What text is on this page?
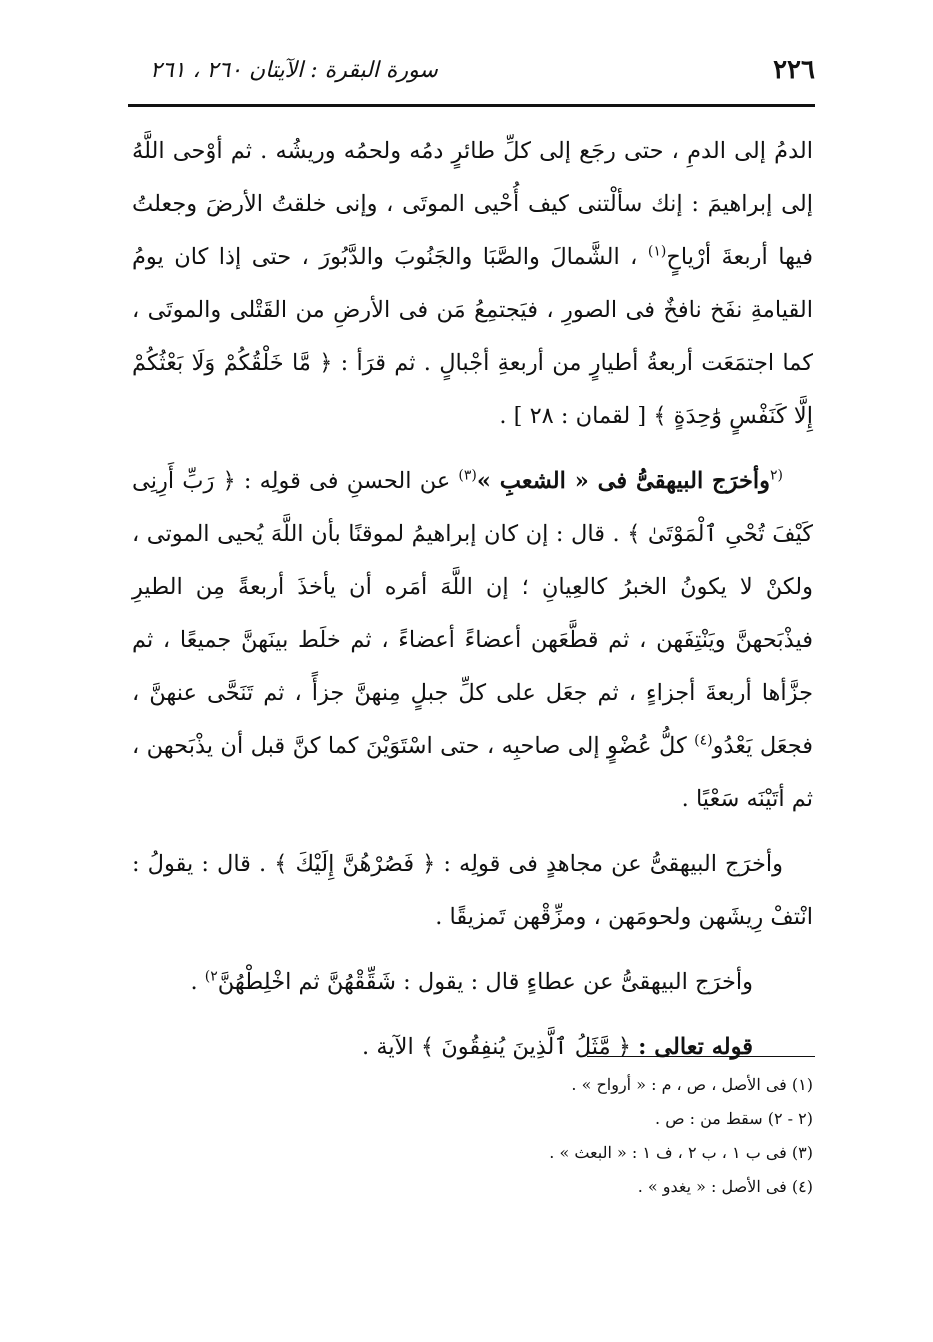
٢٢٦
سورة البقرة : الآيتان ٢٦٠ ، ٢٦١

الدمُ إلى الدمِ ، حتى رجَع إلى كلِّ طائرٍ دمُه ولحمُه وريشُه . ثم أوْحى اللَّهُ إلى إبراهيمَ : إنك سألْتنى كيف أُحْيى الموتَى ، وإنى خلقتُ الأرضَ وجعلتُ فيها أربعةَ أرْياحٍ$^{(١)}$ ، الشَّمالَ والصَّبَا والجَنُوبَ والدَّبُورَ ، حتى إذا كان يومُ القيامةِ نفَخ نافخٌ فى الصورِ ، فيَجتمِعُ مَن فى الأرضِ من القَتْلى والموتَى ، كما اجتمَعَت أربعةُ أطيارٍ من أربعةِ أجْبالٍ . ثم قرَأ : ﴿ مَّا خَلْقُكُمْ وَلَا بَعْثُكُمْ إِلَّا كَنَفْسٍ وَٰحِدَةٍ ﴾ [ لقمان : ٢٨ ] .

$^{(٢}$وأخرَج البيهقىُّ فى « الشعبِ »$^{(٣)}$ عن الحسنِ فى قولِه : ﴿ رَبِّ أَرِنِى كَيْفَ تُحْىِ ٱلْمَوْتَىٰ ﴾ . قال : إن كان إبراهيمُ لموقنًا بأن اللَّهَ يُحيى الموتى ، ولكنْ لا يكونُ الخبرُ كالعِيانِ ؛ إن اللَّهَ أمَره أن يأخذَ أربعةً مِن الطيرِ فيذْبَحهنَّ ويَنْتِفَهن ، ثم قطَّعَهن أعضاءً أعضاءً ، ثم خلَط بينَهنَّ جميعًا ، ثم جزَّأها أربعةَ أجزاءٍ ، ثم جعَل على كلِّ جبلٍ مِنهنَّ جزأً ، ثم تَنَحَّى عنهنَّ ، فجعَل يَعْدُو$^{(٤)}$ كلُّ عُضْوٍ إلى صاحبِه ، حتى اسْتَوَيْنَ كما كنَّ قبل أن يذْبَحهن ، ثم أتَيْنَه سَعْيًا .

وأخرَج البيهقىُّ عن مجاهدٍ فى قولِه : ﴿ فَصُرْهُنَّ إِلَيْكَ ﴾ . قال : يقولُ : انْتفْ رِيشَهن ولحومَهن ، ومزِّقْهن تَمزيقًا .

وأخرَج البيهقىُّ عن عطاءٍ قال : يقول : شَقِّقْهُنَّ ثم اخْلِطْهُنَّ$^{٢)}$ .

قوله تعالى : ﴿ مَّثَلُ ٱلَّذِينَ يُنفِقُونَ ﴾ الآية .

(١) فى الأصل ، ص ، م : « أرواح » .

(٢ - ٢) سقط من : ص .

(٣) فى ب ١ ، ب ٢ ، ف ١ : « البعث » .

(٤) فى الأصل : « يغدو » .
